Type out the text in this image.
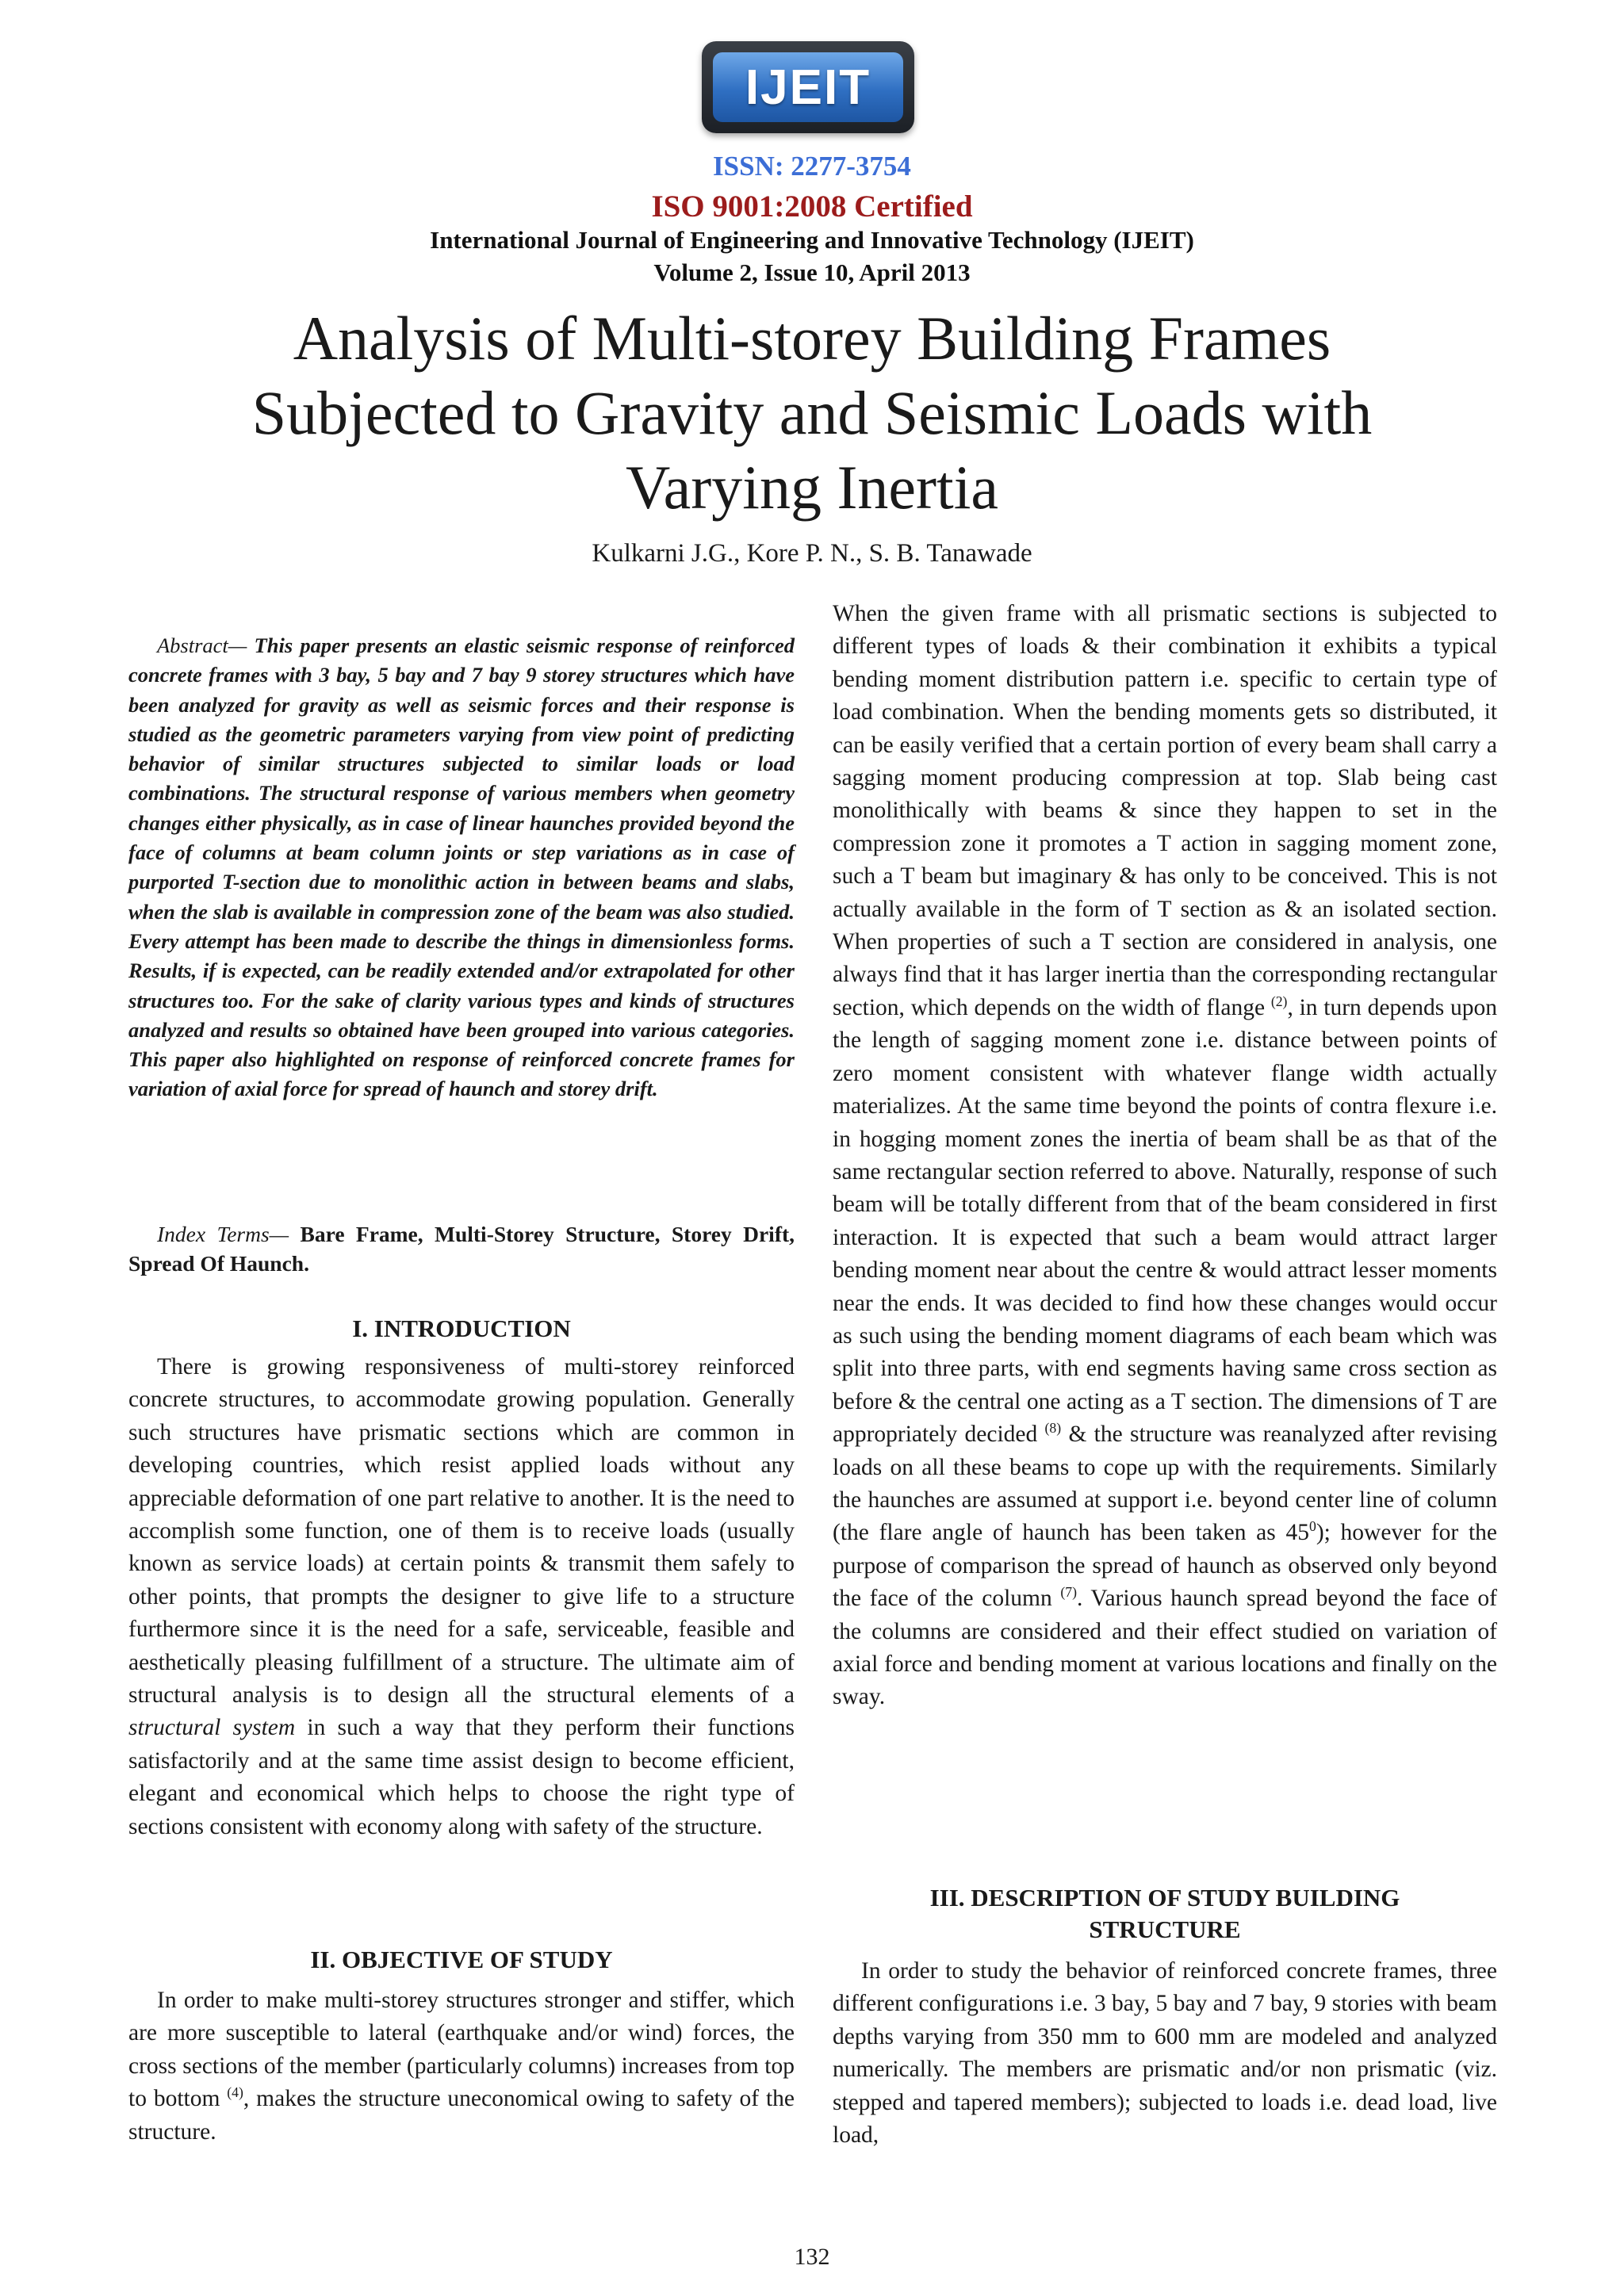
IJEIT
ISSN: 2277-3754
ISO 9001:2008 Certified
International Journal of Engineering and Innovative Technology (IJEIT)
Volume 2, Issue 10, April 2013
Analysis of Multi-storey Building Frames
Subjected to Gravity and Seismic Loads with
Varying Inertia
Kulkarni J.G., Kore P. N., S. B. Tanawade

Abstract— This paper presents an elastic seismic response of reinforced concrete frames with 3 bay, 5 bay and 7 bay 9 storey structures which have been analyzed for gravity as well as seismic forces and their response is studied as the geometric parameters varying from view point of predicting behavior of similar structures subjected to similar loads or load combinations. The structural response of various members when geometry changes either physically, as in case of linear haunches provided beyond the face of columns at beam column joints or step variations as in case of purported T-section due to monolithic action in between beams and slabs, when the slab is available in compression zone of the beam was also studied. Every attempt has been made to describe the things in dimensionless forms. Results, if is expected, can be readily extended and/or extrapolated for other structures too. For the sake of clarity various types and kinds of structures analyzed and results so obtained have been grouped into various categories. This paper also highlighted on response of reinforced concrete frames for variation of axial force for spread of haunch and storey drift.

Index Terms— Bare Frame, Multi-Storey Structure, Storey Drift, Spread Of Haunch.

I. INTRODUCTION

There is growing responsiveness of multi-storey reinforced concrete structures, to accommodate growing population. Generally such structures have prismatic sections which are common in developing countries, which resist applied loads without any appreciable deformation of one part relative to another. It is the need to accomplish some function, one of them is to receive loads (usually known as service loads) at certain points & transmit them safely to other points, that prompts the designer to give life to a structure furthermore since it is the need for a safe, serviceable, feasible and aesthetically pleasing fulfillment of a structure. The ultimate aim of structural analysis is to design all the structural elements of a structural system in such a way that they perform their functions satisfactorily and at the same time assist design to become efficient, elegant and economical which helps to choose the right type of sections consistent with economy along with safety of the structure.

II. OBJECTIVE OF STUDY

In order to make multi-storey structures stronger and stiffer, which are more susceptible to lateral (earthquake and/or wind) forces, the cross sections of the member (particularly columns) increases from top to bottom $^{(4)}$, makes the structure uneconomical owing to safety of the structure.

When the given frame with all prismatic sections is subjected to different types of loads & their combination it exhibits a typical bending moment distribution pattern i.e. specific to certain type of load combination. When the bending moments gets so distributed, it can be easily verified that a certain portion of every beam shall carry a sagging moment producing compression at top. Slab being cast monolithically with beams & since they happen to set in the compression zone it promotes a T action in sagging moment zone, such a T beam but imaginary & has only to be conceived. This is not actually available in the form of T section as & an isolated section. When properties of such a T section are considered in analysis, one always find that it has larger inertia than the corresponding rectangular section, which depends on the width of flange $^{(2)}$, in turn depends upon the length of sagging moment zone i.e. distance between points of zero moment consistent with whatever flange width actually materializes. At the same time beyond the points of contra flexure i.e. in hogging moment zones the inertia of beam shall be as that of the same rectangular section referred to above. Naturally, response of such beam will be totally different from that of the beam considered in first interaction. It is expected that such a beam would attract larger bending moment near about the centre & would attract lesser moments near the ends. It was decided to find how these changes would occur as such using the bending moment diagrams of each beam which was split into three parts, with end segments having same cross section as before & the central one acting as a T section. The dimensions of T are appropriately decided $^{(8)}$ & the structure was reanalyzed after revising loads on all these beams to cope up with the requirements. Similarly the haunches are assumed at support i.e. beyond center line of column (the flare angle of haunch has been taken as $45^0$); however for the purpose of comparison the spread of haunch as observed only beyond the face of the column $^{(7)}$. Various haunch spread beyond the face of the columns are considered and their effect studied on variation of axial force and bending moment at various locations and finally on the sway.

III. DESCRIPTION OF STUDY BUILDING
STRUCTURE

In order to study the behavior of reinforced concrete frames, three different configurations i.e. 3 bay, 5 bay and 7 bay, 9 stories with beam depths varying from 350 mm to 600 mm are modeled and analyzed numerically. The members are prismatic and/or non prismatic (viz. stepped and tapered members); subjected to loads i.e. dead load, live load,

132
